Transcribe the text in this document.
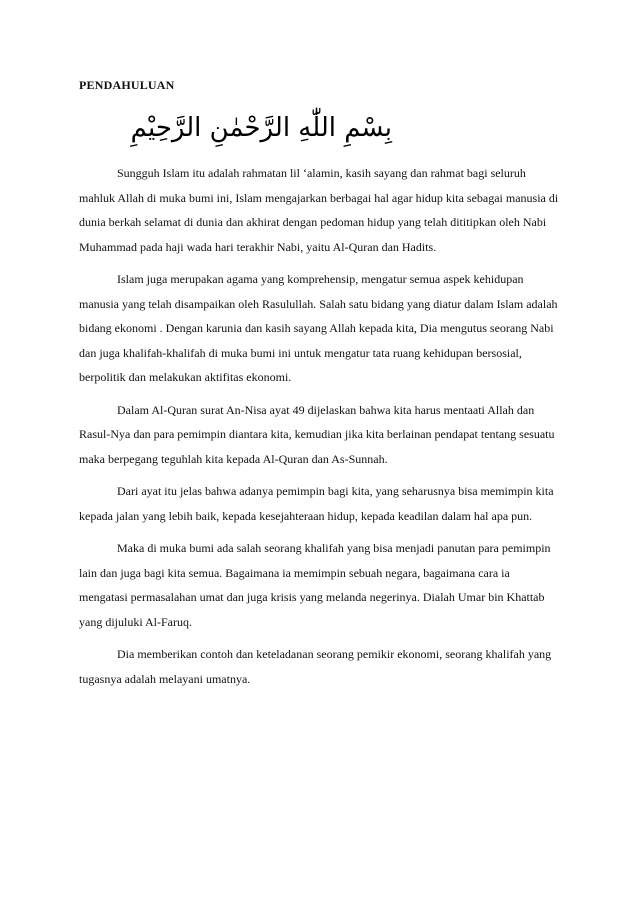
PENDAHULUAN
بِسْمِ اللّٰهِ الرَّحْمٰنِ الرَّحِيْمِ

Sungguh Islam itu adalah rahmatan lil ‘alamin, kasih sayang dan rahmat bagi seluruh mahluk Allah di muka bumi ini, Islam mengajarkan berbagai hal agar hidup kita sebagai manusia di dunia berkah selamat di dunia dan akhirat dengan pedoman hidup yang telah dititipkan oleh Nabi Muhammad pada haji wada hari terakhir Nabi, yaitu Al-Quran dan Hadits.

Islam juga merupakan agama yang komprehensip, mengatur semua aspek kehidupan manusia yang telah disampaikan oleh Rasulullah. Salah satu bidang yang diatur dalam Islam adalah bidang ekonomi . Dengan karunia dan kasih sayang Allah kepada kita, Dia mengutus seorang Nabi dan juga khalifah-khalifah di muka bumi ini untuk mengatur tata ruang kehidupan bersosial, berpolitik dan melakukan aktifitas ekonomi.

Dalam Al-Quran surat An-Nisa ayat 49 dijelaskan bahwa kita harus mentaati Allah dan Rasul-Nya dan para pemimpin diantara kita, kemudian jika kita berlainan pendapat tentang sesuatu maka berpegang teguhlah kita kepada Al-Quran dan As-Sunnah.

Dari ayat itu jelas bahwa adanya pemimpin bagi kita, yang seharusnya bisa memimpin kita kepada jalan yang lebih baik, kepada kesejahteraan hidup, kepada keadilan dalam hal apa pun.

Maka di muka bumi ada salah seorang khalifah yang bisa menjadi panutan para pemimpin lain dan juga bagi kita semua. Bagaimana ia memimpin sebuah negara, bagaimana cara ia mengatasi permasalahan umat dan juga krisis yang melanda negerinya. Dialah Umar bin Khattab yang dijuluki Al-Faruq.

Dia memberikan contoh dan keteladanan seorang pemikir ekonomi, seorang khalifah yang tugasnya adalah melayani umatnya.
